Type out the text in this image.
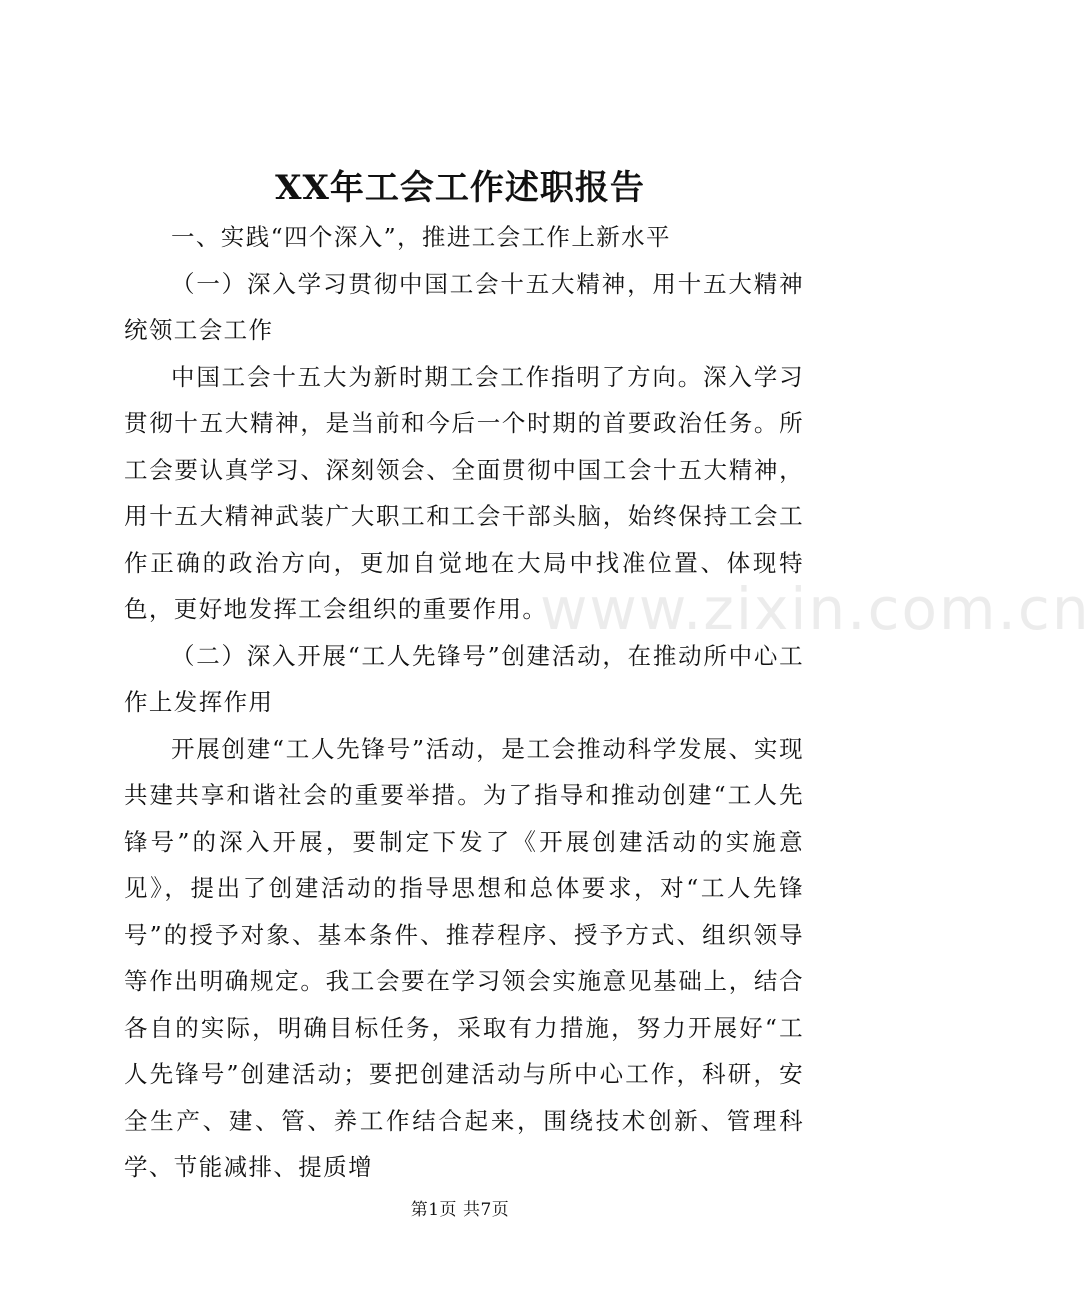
XX年工会工作述职报告

一、实践“四个深入”，推进工会工作上新水平

（一）深入学习贯彻中国工会十五大精神，用十五大精神统领工会工作

中国工会十五大为新时期工会工作指明了方向。深入学习贯彻十五大精神，是当前和今后一个时期的首要政治任务。所工会要认真学习、深刻领会、全面贯彻中国工会十五大精神，用十五大精神武装广大职工和工会干部头脑，始终保持工会工作正确的政治方向，更加自觉地在大局中找准位置、体现特色，更好地发挥工会组织的重要作用。

（二）深入开展“工人先锋号”创建活动，在推动所中心工作上发挥作用

开展创建“工人先锋号”活动，是工会推动科学发展、实现共建共享和谐社会的重要举措。为了指导和推动创建“工人先锋号”的深入开展，要制定下发了《开展创建活动的实施意见》，提出了创建活动的指导思想和总体要求，对“工人先锋号”的授予对象、基本条件、推荐程序、授予方式、组织领导等作出明确规定。我工会要在学习领会实施意见基础上，结合各自的实际，明确目标任务，采取有力措施，努力开展好“工人先锋号”创建活动；要把创建活动与所中心工作，科研，安全生产、建、管、养工作结合起来，围绕技术创新、管理科学、节能减排、提质增

www.zixin.com.cn
第1页 共7页
